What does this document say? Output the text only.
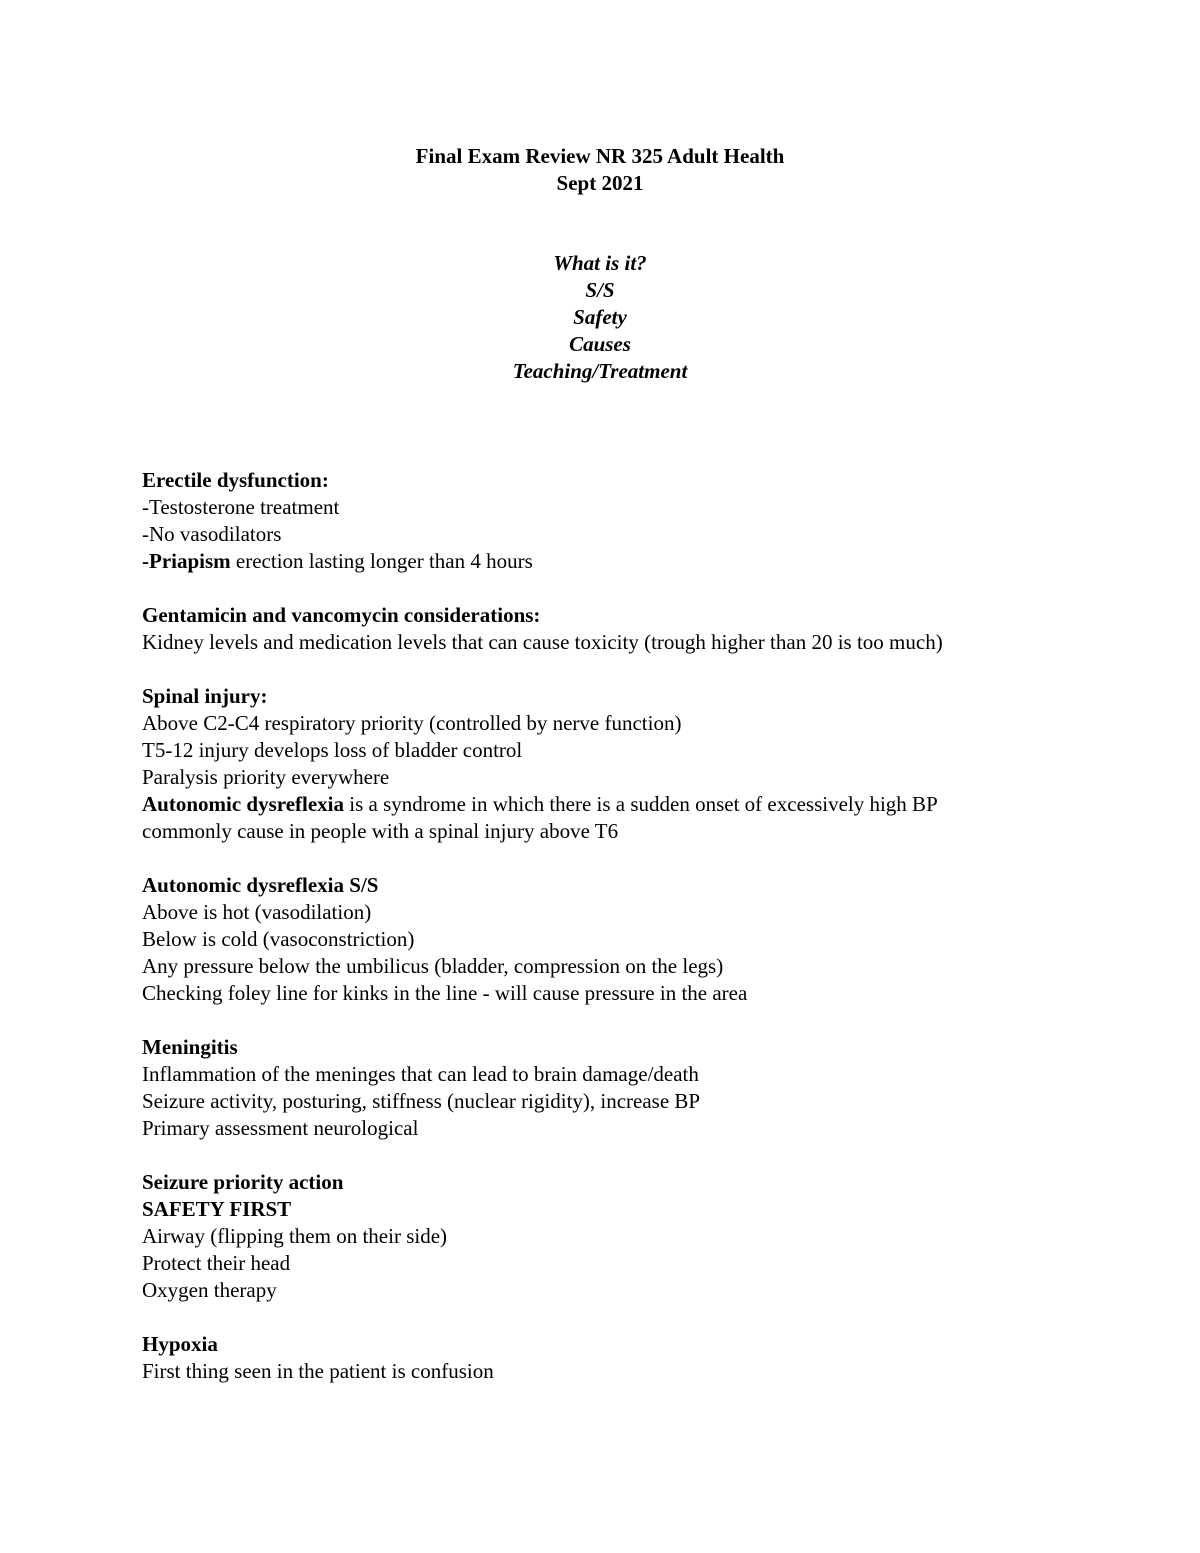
Final Exam Review NR 325 Adult Health
Sept 2021
What is it?
S/S
Safety
Causes
Teaching/Treatment
Erectile dysfunction:
-Testosterone treatment
-No vasodilators
-Priapism erection lasting longer than 4 hours
Gentamicin and vancomycin considerations:
Kidney levels and medication levels that can cause toxicity (trough higher than 20 is too much)
Spinal injury:
Above C2-C4 respiratory priority (controlled by nerve function)
T5-12 injury develops loss of bladder control
Paralysis priority everywhere
Autonomic dysreflexia is a syndrome in which there is a sudden onset of excessively high BP
commonly cause in people with a spinal injury above T6
Autonomic dysreflexia S/S
Above is hot (vasodilation)
Below is cold (vasoconstriction)
Any pressure below the umbilicus (bladder, compression on the legs)
Checking foley line for kinks in the line - will cause pressure in the area
Meningitis
Inflammation of the meninges that can lead to brain damage/death
Seizure activity, posturing, stiffness (nuclear rigidity), increase BP
Primary assessment neurological
Seizure priority action
SAFETY FIRST
Airway (flipping them on their side)
Protect their head
Oxygen therapy
Hypoxia
First thing seen in the patient is confusion
